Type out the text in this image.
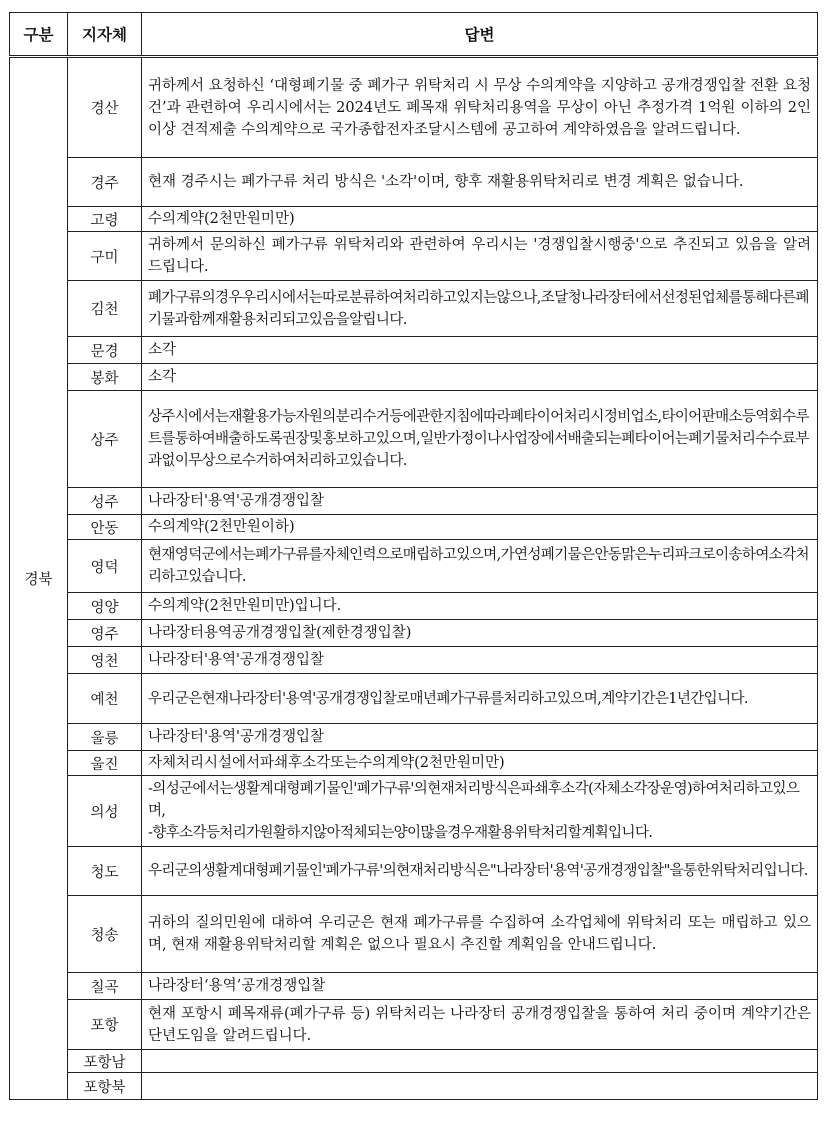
구분	지자체	답변
경북	경산	귀하께서 요청하신 ‘대형폐기물 중 폐가구 위탁처리 시 무상 수의계약을 지양하고 공개경쟁입찰 전환 요청 건’과 관련하여 우리시에서는 2024년도 폐목재 위탁처리용역을 무상이 아닌 추정가격 1억원 이하의 2인 이상 견적제출 수의계약으로 국가종합전자조달시스템에 공고하여 계약하였음을 알려드립니다.
	경주	현재 경주시는 폐가구류 처리 방식은 '소각'이며, 향후 재활용위탁처리로 변경 계획은 없습니다.
	고령	수의계약(2천만원미만)
	구미	귀하께서 문의하신 폐가구류 위탁처리와 관련하여 우리시는 '경쟁입찰시행중'으로 추진되고 있음을 알려드립니다.
	김천	폐가구류의경우우리시에서는따로분류하여처리하고있지는않으나,조달청나라장터에서선정된업체를통해다른폐기물과함께재활용처리되고있음을알립니다.
	문경	소각
	봉화	소각
	상주	상주시에서는재활용가능자원의분리수거등에관한지침에따라폐타이어처리시정비업소,타이어판매소등역회수루트를통하여배출하도록권장및홍보하고있으며,일반가정이나사업장에서배출되는폐타이어는폐기물처리수수료부과없이무상으로수거하여처리하고있습니다.
	성주	나라장터'용역'공개경쟁입찰
	안동	수의계약(2천만원이하)
	영덕	현재영덕군에서는폐가구류를자체인력으로매립하고있으며,가연성폐기물은안동맑은누리파크로이송하여소각처리하고있습니다.
	영양	수의계약(2천만원미만)입니다.
	영주	나라장터용역공개경쟁입찰(제한경쟁입찰)
	영천	나라장터'용역'공개경쟁입찰
	예천	우리군은현재나라장터'용역'공개경쟁입찰로매년폐가구류를처리하고있으며,계약기간은1년간입니다.
	울릉	나라장터'용역'공개경쟁입찰
	울진	자체처리시설에서파쇄후소각또는수의계약(2천만원미만)
	의성	-의성군에서는생활계대형폐기물인'폐가구류'의현재처리방식은파쇄후소각(자체소각장운영)하여처리하고있으며,
-향후소각등처리가원활하지않아적체되는양이많을경우재활용위탁처리할계획입니다.
	청도	우리군의생활계대형폐기물인'폐가구류'의현재처리방식은"나라장터'용역'공개경쟁입찰"을통한위탁처리입니다.
	청송	귀하의 질의민원에 대하여 우리군은 현재 폐가구류를 수집하여 소각업체에 위탁처리 또는 매립하고 있으며, 현재 재활용위탁처리할 계획은 없으나 필요시 추진할 계획임을 안내드립니다.
	칠곡	나라장터‘용역’공개경쟁입찰
	포항	현재 포항시 폐목재류(폐가구류 등) 위탁처리는 나라장터 공개경쟁입찰을 통하여 처리 중이며 계약기간은 단년도임을 알려드립니다.
	포항남	
	포항북	
